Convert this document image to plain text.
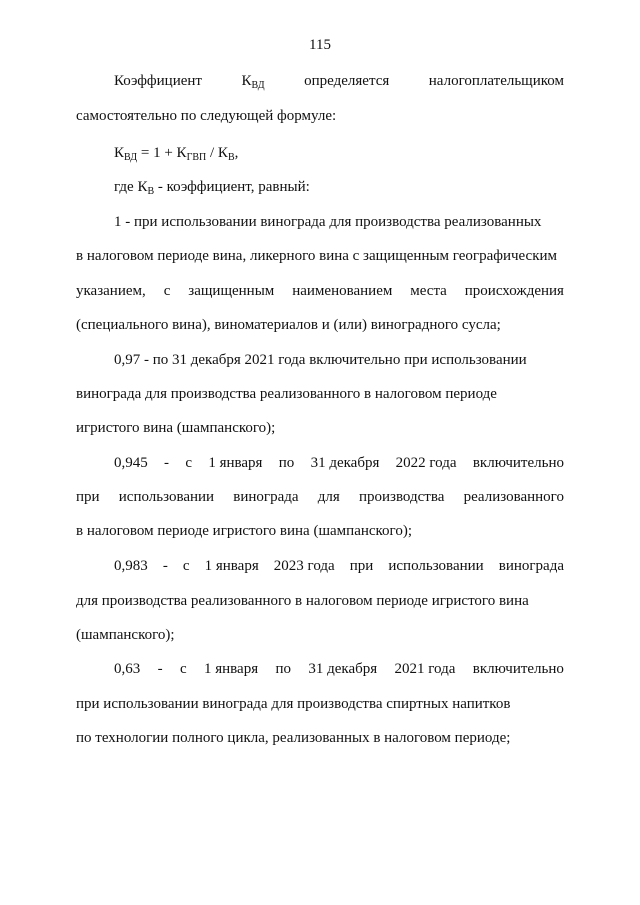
115
Коэффициент	$К_{ВД}$	определяется	налогоплательщиком
самостоятельно по следующей формуле:
$К_{ВД} = 1 + К_{ГВП} / К_В$,
где $К_В$ - коэффициент, равный:
1 - при использовании винограда для производства реализованных
в налоговом периоде вина, ликерного вина с защищенным географическим
указанием, с защищенным наименованием места происхождения
(специального вина), виноматериалов и (или) виноградного сусла;
0,97 - по 31 декабря 2021 года включительно при использовании
винограда для производства реализованного в налоговом периоде
игристого вина (шампанского);
0,945 - с 1 января по 31 декабря 2022 года включительно
при использовании винограда для производства реализованного
в налоговом периоде игристого вина (шампанского);
0,983 - с 1 января 2023 года при использовании винограда
для производства реализованного в налоговом периоде игристого вина
(шампанского);
0,63 - с 1 января по 31 декабря 2021 года включительно
при использовании винограда для производства спиртных напитков
по технологии полного цикла, реализованных в налоговом периоде;
